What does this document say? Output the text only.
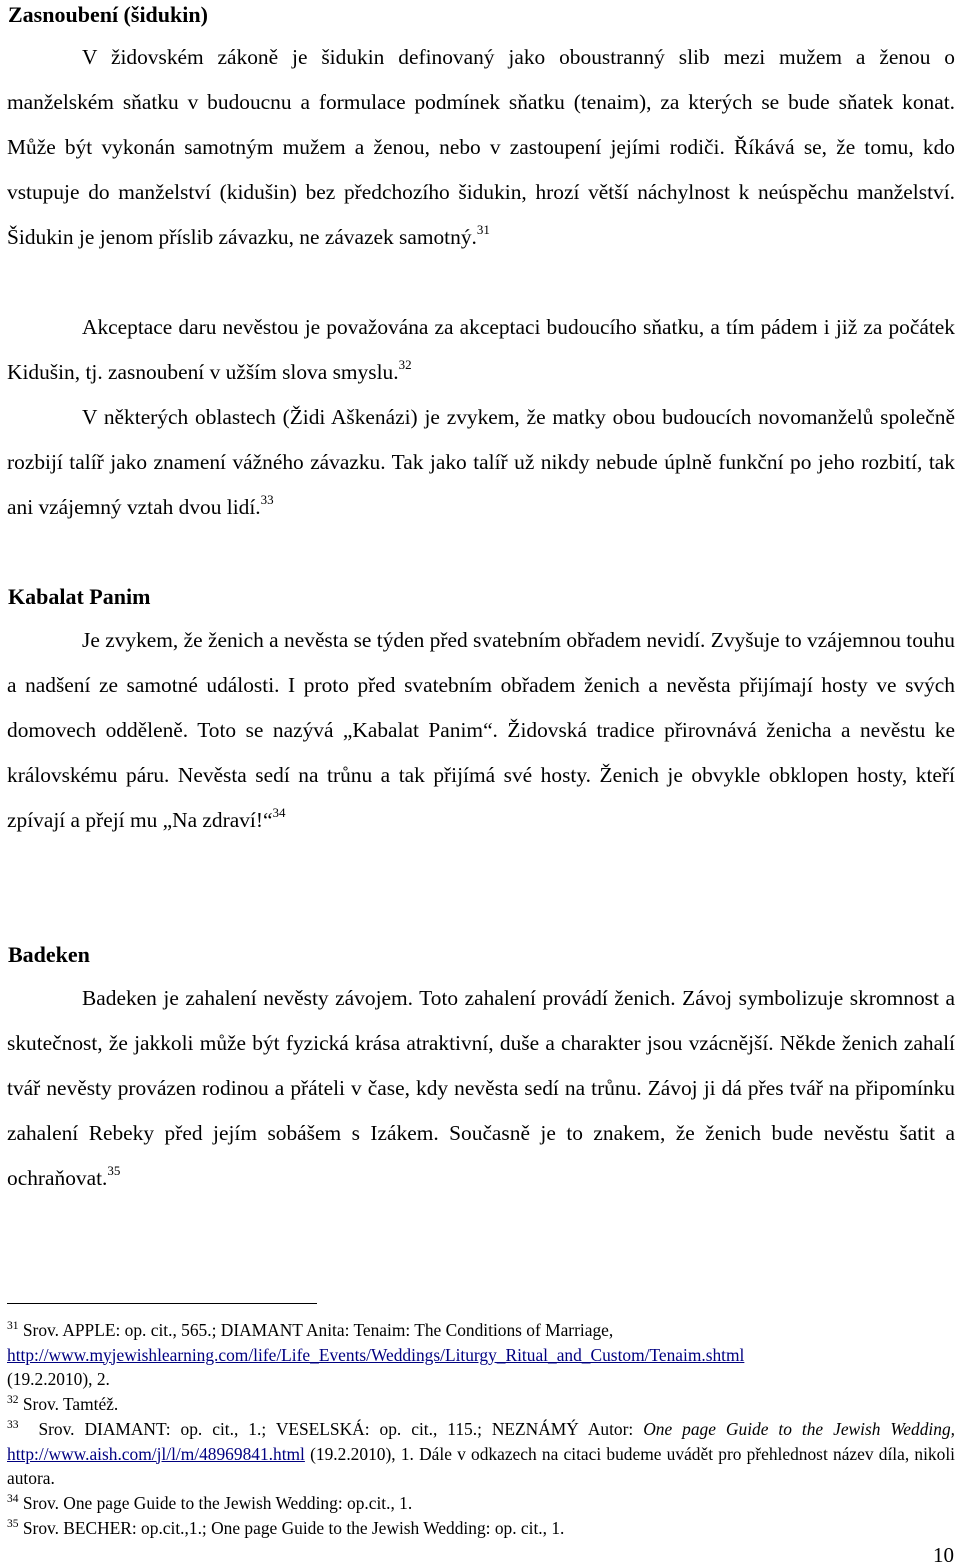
Zasnoubení (šidukin)

V židovském zákoně je šidukin definovaný jako oboustranný slib mezi mužem a ženou o manželském sňatku v budoucnu a formulace podmínek sňatku (tenaim), za kterých se bude sňatek konat. Může být vykonán samotným mužem a ženou, nebo v zastoupení jejími rodiči. Říkává se, že tomu, kdo vstupuje do manželství (kidušin) bez předchozího šidukin, hrozí větší náchylnost k neúspěchu manželství. Šidukin je jenom příslib závazku, ne závazek samotný.$^{31}$

Akceptace daru nevěstou je považována za akceptaci budoucího sňatku, a tím pádem i již za počátek Kidušin, tj. zasnoubení v užším slova smyslu.$^{32}$

V některých oblastech (Židi Aškenázi) je zvykem, že matky obou budoucích novomanželů společně rozbijí talíř jako znamení vážného závazku. Tak jako talíř už nikdy nebude úplně funkční po jeho rozbití, tak ani vzájemný vztah dvou lidí.$^{33}$

Kabalat Panim

Je zvykem, že ženich a nevěsta se týden před svatebním obřadem nevidí. Zvyšuje to vzájemnou touhu a nadšení ze samotné události. I proto před svatebním obřadem ženich a nevěsta přijímají hosty ve svých domovech odděleně. Toto se nazývá „Kabalat Panim“. Židovská tradice přirovnává ženicha a nevěstu ke královskému páru. Nevěsta sedí na trůnu a tak přijímá své hosty. Ženich je obvykle obklopen hosty, kteří zpívají a přejí mu „Na zdraví!“$^{34}$

Badeken

Badeken je zahalení nevěsty závojem. Toto zahalení provádí ženich. Závoj symbolizuje skromnost a skutečnost, že jakkoli může být fyzická krása atraktivní, duše a charakter jsou vzácnější. Někde ženich zahalí tvář nevěsty provázen rodinou a přáteli v čase, kdy nevěsta sedí na trůnu. Závoj ji dá přes tvář na připomínku zahalení Rebeky před jejím sobášem s Izákem. Současně je to znakem, že ženich bude nevěstu šatit a ochraňovat.$^{35}$

$^{31}$ Srov. APPLE: op. cit., 565.; DIAMANT Anita: Tenaim: The Conditions of Marriage,
http://www.myjewishlearning.com/life/Life_Events/Weddings/Liturgy_Ritual_and_Custom/Tenaim.shtml
(19.2.2010), 2.

$^{32}$ Srov. Tamtéž.

$^{33}$ Srov. DIAMANT: op. cit., 1.; VESELSKÁ: op. cit., 115.; NEZNÁMÝ Autor: One page Guide to the Jewish Wedding, http://www.aish.com/jl/l/m/48969841.html (19.2.2010), 1. Dále v odkazech na citaci budeme uvádět pro přehlednost název díla, nikoli autora.

$^{34}$ Srov. One page Guide to the Jewish Wedding: op.cit., 1.

$^{35}$ Srov. BECHER: op.cit.,1.; One page Guide to the Jewish Wedding: op. cit., 1.

10
